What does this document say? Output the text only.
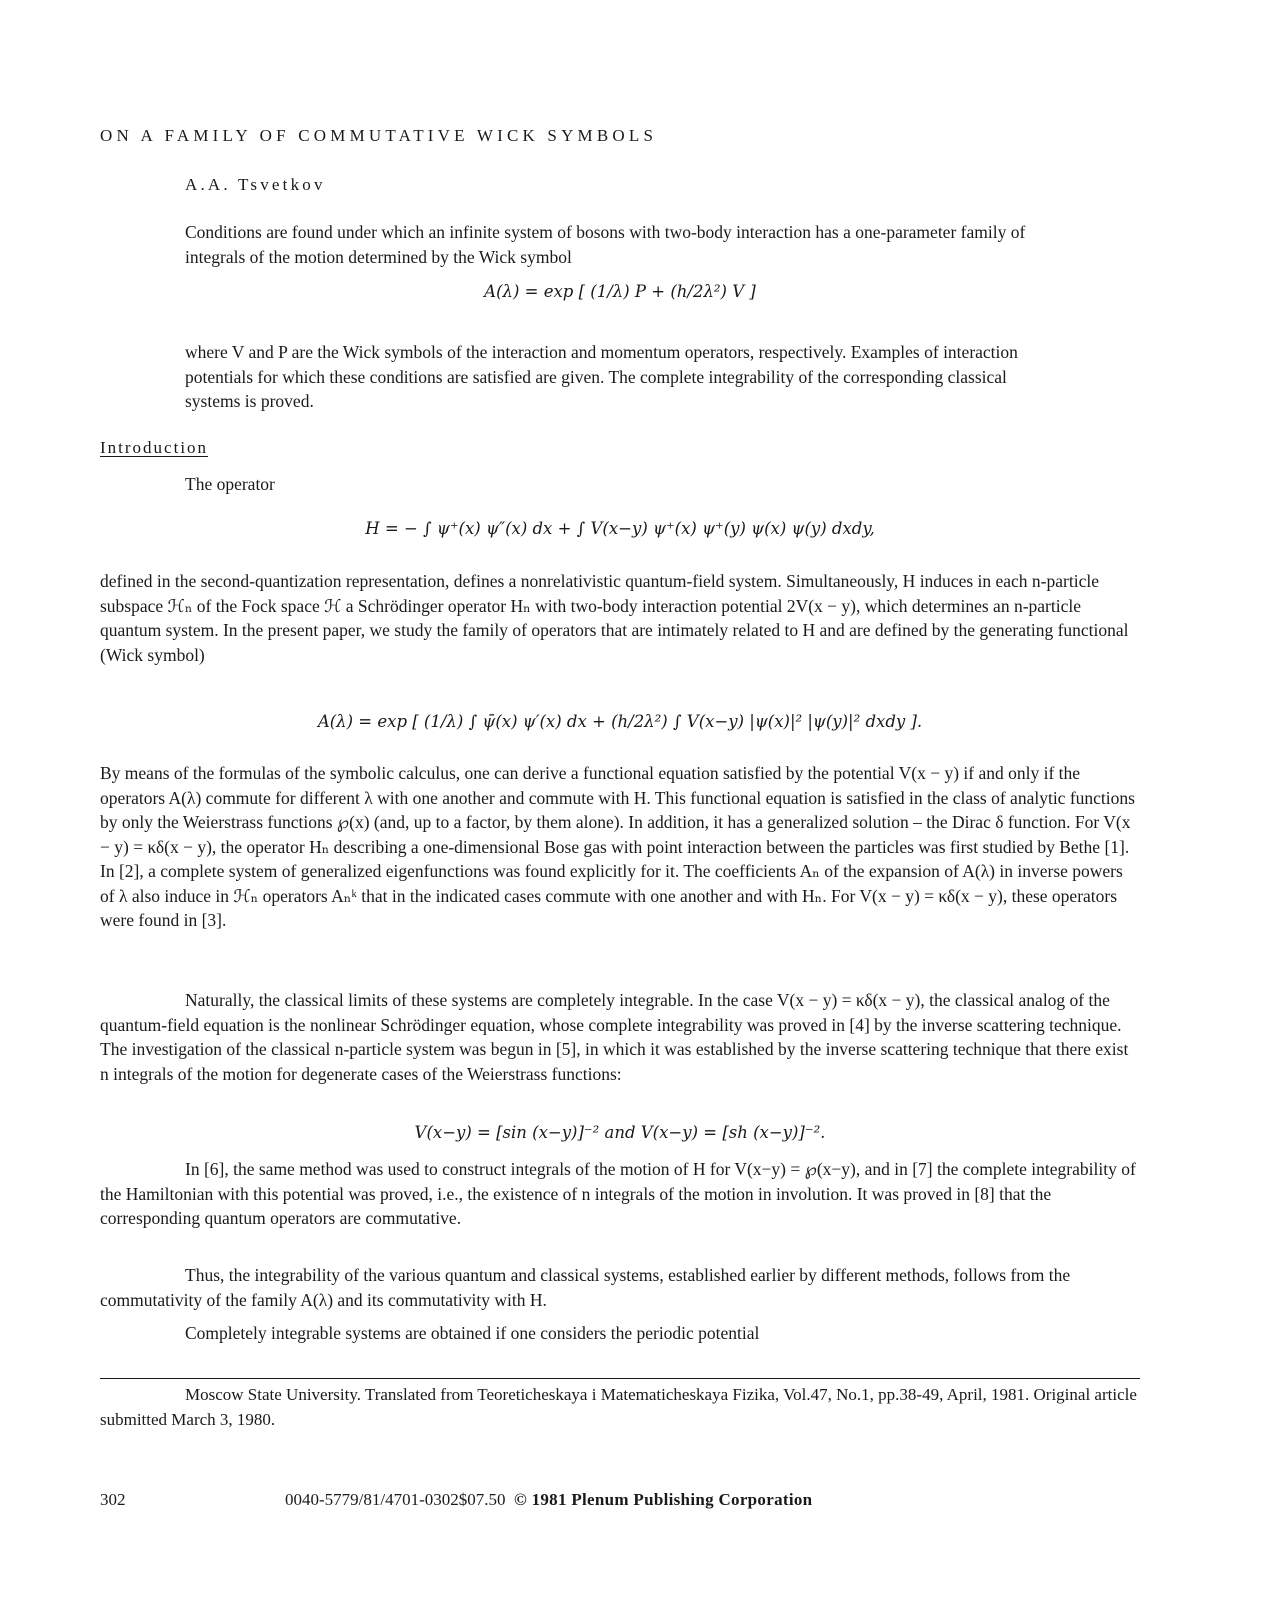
ON A FAMILY OF COMMUTATIVE WICK SYMBOLS
A.A. Tsvetkov
Conditions are found under which an infinite system of bosons with two-body interaction has a one-parameter family of integrals of the motion determined by the Wick symbol
A(λ) = exp [ (1/λ) P + (h/2λ²) V ]
where V and P are the Wick symbols of the interaction and momentum operators, respectively. Examples of interaction potentials for which these conditions are satisfied are given. The complete integrability of the corresponding classical systems is proved.
Introduction
The operator
H = − ∫ ψ⁺(x) ψ″(x) dx + ∫ V(x−y) ψ⁺(x) ψ⁺(y) ψ(x) ψ(y) dxdy,
defined in the second-quantization representation, defines a nonrelativistic quantum-field system. Simultaneously, H induces in each n-particle subspace ℋₙ of the Fock space ℋ a Schrödinger operator Hₙ with two-body interaction potential 2V(x − y), which determines an n-particle quantum system. In the present paper, we study the family of operators that are intimately related to H and are defined by the generating functional (Wick symbol)
A(λ) = exp [ (1/λ) ∫ ψ̄(x) ψ′(x) dx + (h/2λ²) ∫ V(x−y) |ψ(x)|² |ψ(y)|² dxdy ].
By means of the formulas of the symbolic calculus, one can derive a functional equation satisfied by the potential V(x − y) if and only if the operators A(λ) commute for different λ with one another and commute with H. This functional equation is satisfied in the class of analytic functions by only the Weierstrass functions ℘(x) (and, up to a factor, by them alone). In addition, it has a generalized solution – the Dirac δ function. For V(x − y) = κδ(x − y), the operator Hₙ describing a one-dimensional Bose gas with point interaction between the particles was first studied by Bethe [1]. In [2], a complete system of generalized eigenfunctions was found explicitly for it. The coefficients Aₙ of the expansion of A(λ) in inverse powers of λ also induce in ℋₙ operators Aₙᵏ that in the indicated cases commute with one another and with Hₙ. For V(x − y) = κδ(x − y), these operators were found in [3].
Naturally, the classical limits of these systems are completely integrable. In the case V(x − y) = κδ(x − y), the classical analog of the quantum-field equation is the nonlinear Schrödinger equation, whose complete integrability was proved in [4] by the inverse scattering technique. The investigation of the classical n-particle system was begun in [5], in which it was established by the inverse scattering technique that there exist n integrals of the motion for degenerate cases of the Weierstrass functions:
V(x−y) = [sin (x−y)]⁻² and V(x−y) = [sh (x−y)]⁻².
In [6], the same method was used to construct integrals of the motion of H for V(x−y) = ℘(x−y), and in [7] the complete integrability of the Hamiltonian with this potential was proved, i.e., the existence of n integrals of the motion in involution. It was proved in [8] that the corresponding quantum operators are commutative.
Thus, the integrability of the various quantum and classical systems, established earlier by different methods, follows from the commutativity of the family A(λ) and its commutativity with H.
Completely integrable systems are obtained if one considers the periodic potential
Moscow State University. Translated from Teoreticheskaya i Matematicheskaya Fizika, Vol.47, No.1, pp.38-49, April, 1981. Original article submitted March 3, 1980.
302	0040-5779/81/4701-0302$07.50 © 1981 Plenum Publishing Corporation
